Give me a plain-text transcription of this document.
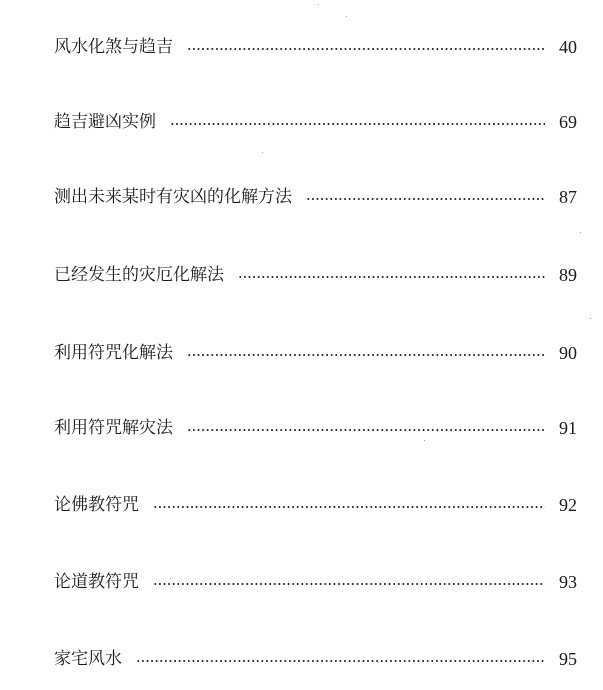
风水化煞与趋吉	40
趋吉避凶实例	69
测出未来某时有灾凶的化解方法	87
已经发生的灾厄化解法	89
利用符咒化解法	90
利用符咒解灾法	91
论佛教符咒	92
论道教符咒	93
家宅风水	95
